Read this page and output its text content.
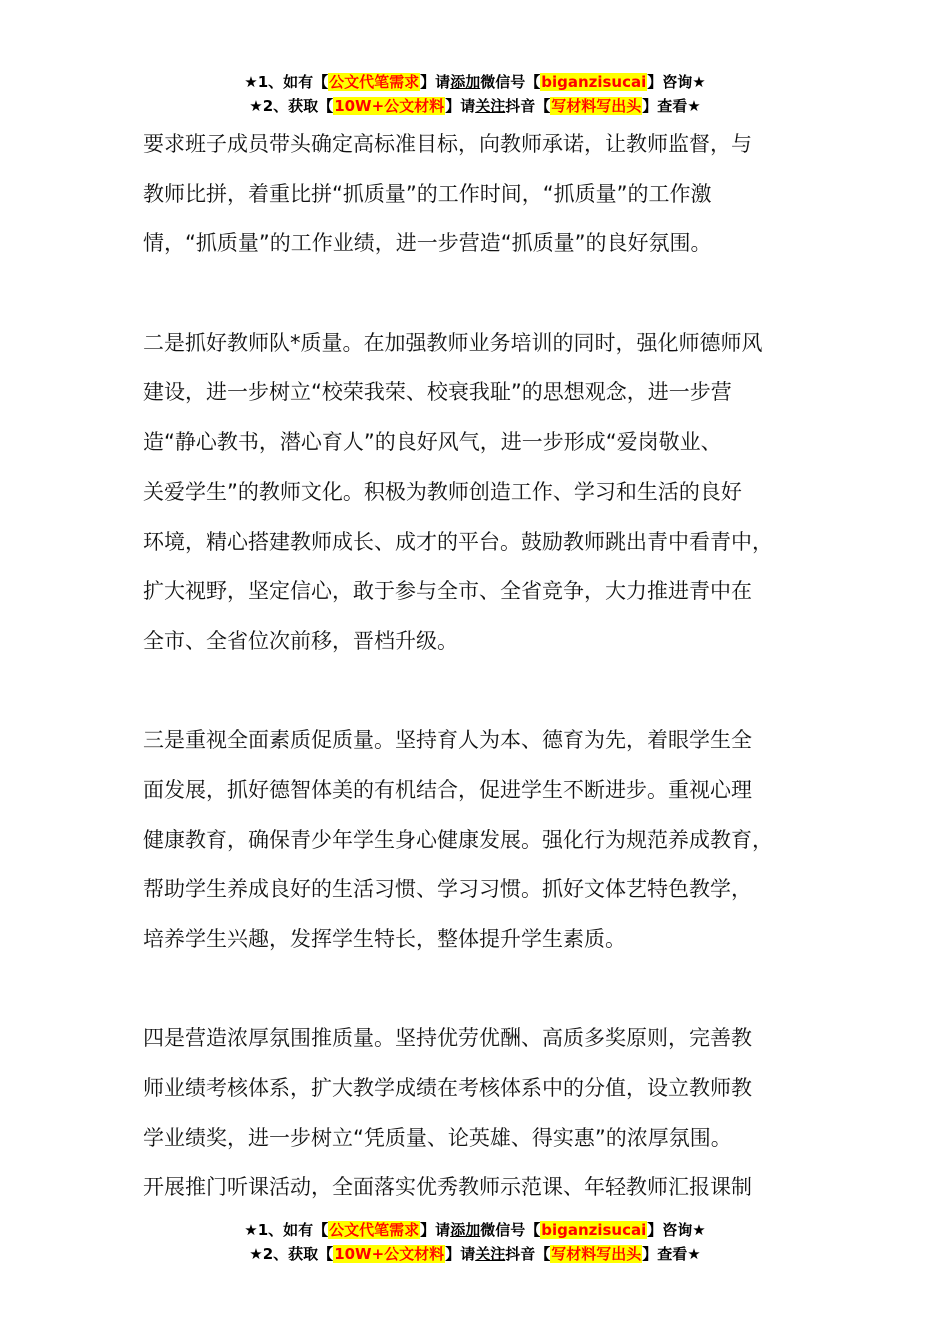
★1、如有【公文代笔需求】请添加微信号【biganzisucai】咨询★
★2、获取【10W+公文材料】请关注抖音【写材料写出头】查看★
要求班子成员带头确定高标准目标，向教师承诺，让教师监督，与
教师比拼，着重比拼“抓质量”的工作时间，“抓质量”的工作激
情，“抓质量”的工作业绩，进一步营造“抓质量”的良好氛围。
二是抓好教师队*质量。在加强教师业务培训的同时，强化师德师风
建设，进一步树立“校荣我荣、校衰我耻”的思想观念，进一步营
造“静心教书，潜心育人”的良好风气，进一步形成“爱岗敬业、
关爱学生”的教师文化。积极为教师创造工作、学习和生活的良好
环境，精心搭建教师成长、成才的平台。鼓励教师跳出青中看青中，
扩大视野，坚定信心，敢于参与全市、全省竞争，大力推进青中在
全市、全省位次前移，晋档升级。
三是重视全面素质促质量。坚持育人为本、德育为先，着眼学生全
面发展，抓好德智体美的有机结合，促进学生不断进步。重视心理
健康教育，确保青少年学生身心健康发展。强化行为规范养成教育，
帮助学生养成良好的生活习惯、学习习惯。抓好文体艺特色教学，
培养学生兴趣，发挥学生特长，整体提升学生素质。
四是营造浓厚氛围推质量。坚持优劳优酬、高质多奖原则，完善教
师业绩考核体系，扩大教学成绩在考核体系中的分值，设立教师教
学业绩奖，进一步树立“凭质量、论英雄、得实惠”的浓厚氛围。
开展推门听课活动，全面落实优秀教师示范课、年轻教师汇报课制
★1、如有【公文代笔需求】请添加微信号【biganzisucai】咨询★
★2、获取【10W+公文材料】请关注抖音【写材料写出头】查看★
